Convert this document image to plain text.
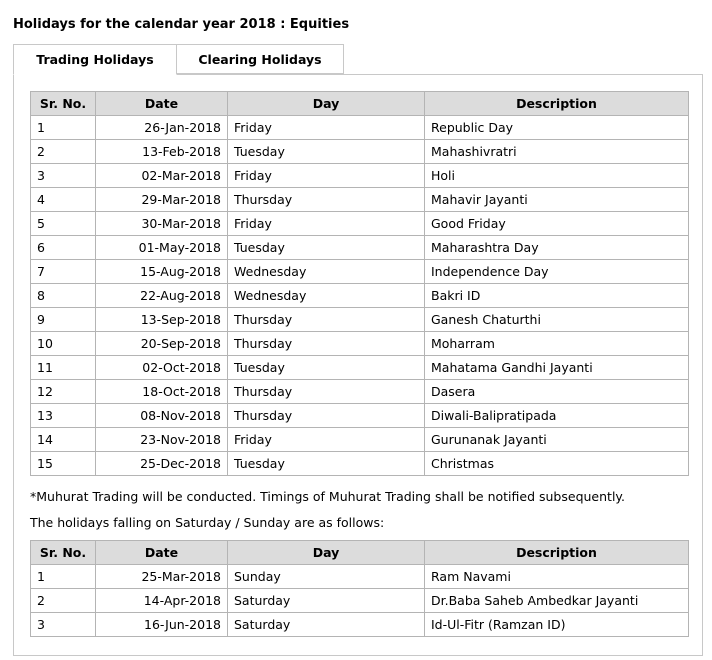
Holidays for the calendar year 2018 : Equities
Trading Holidays	Clearing Holidays
Sr. No.	Date	Day	Description
1	26-Jan-2018	Friday	Republic Day
2	13-Feb-2018	Tuesday	Mahashivratri
3	02-Mar-2018	Friday	Holi
4	29-Mar-2018	Thursday	Mahavir Jayanti
5	30-Mar-2018	Friday	Good Friday
6	01-May-2018	Tuesday	Maharashtra Day
7	15-Aug-2018	Wednesday	Independence Day
8	22-Aug-2018	Wednesday	Bakri ID
9	13-Sep-2018	Thursday	Ganesh Chaturthi
10	20-Sep-2018	Thursday	Moharram
11	02-Oct-2018	Tuesday	Mahatama Gandhi Jayanti
12	18-Oct-2018	Thursday	Dasera
13	08-Nov-2018	Thursday	Diwali-Balipratipada
14	23-Nov-2018	Friday	Gurunanak Jayanti
15	25-Dec-2018	Tuesday	Christmas
*Muhurat Trading will be conducted. Timings of Muhurat Trading shall be notified subsequently.
The holidays falling on Saturday / Sunday are as follows:
Sr. No.	Date	Day	Description
1	25-Mar-2018	Sunday	Ram Navami
2	14-Apr-2018	Saturday	Dr.Baba Saheb Ambedkar Jayanti
3	16-Jun-2018	Saturday	Id-Ul-Fitr (Ramzan ID)
